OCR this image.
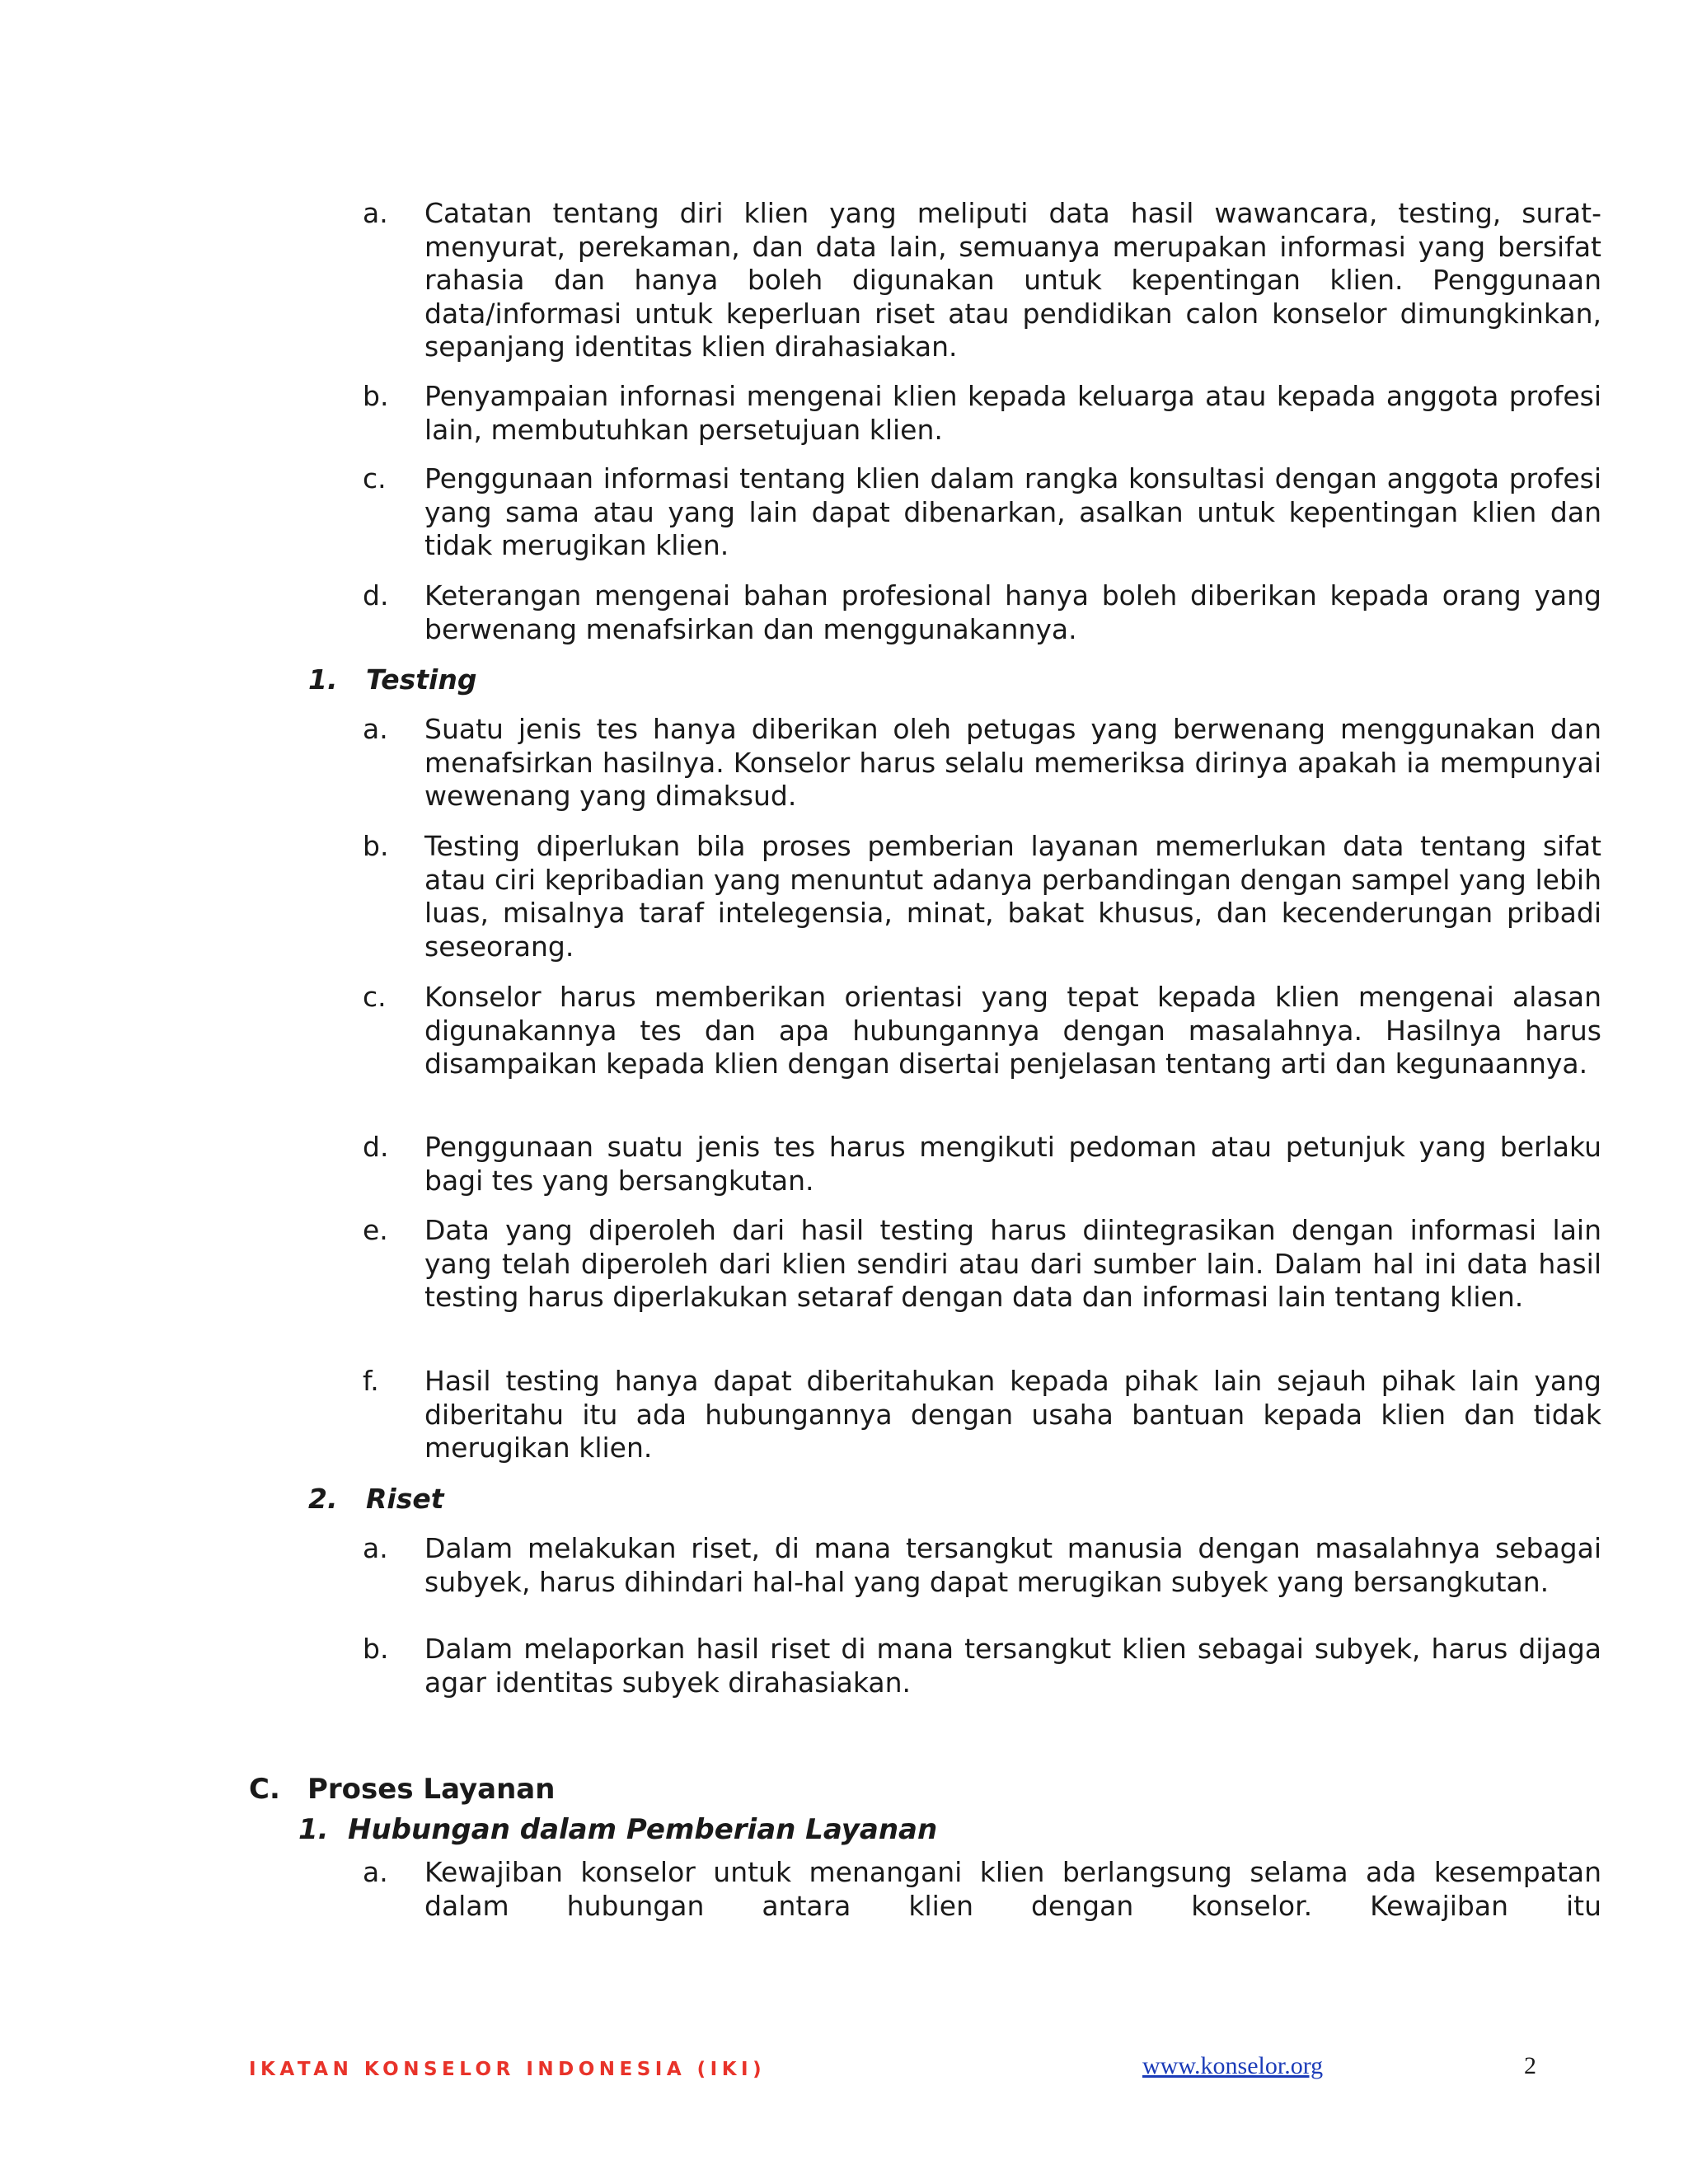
a.	Catatan tentang diri klien yang meliputi data hasil wawancara, testing, surat-menyurat, perekaman, dan data lain, semuanya merupakan informasi yang bersifat rahasia dan hanya boleh digunakan untuk kepentingan klien. Penggunaan data/informasi untuk keperluan riset atau pendidikan calon konselor dimungkinkan, sepanjang identitas klien dirahasiakan.
b.	Penyampaian infornasi mengenai klien kepada keluarga atau kepada anggota profesi lain, membutuhkan persetujuan klien.
c.	Penggunaan informasi tentang klien dalam rangka konsultasi dengan anggota profesi yang sama atau yang lain dapat dibenarkan, asalkan untuk kepentingan klien dan tidak merugikan klien.
d.	Keterangan mengenai bahan profesional hanya boleh diberikan kepada orang yang berwenang menafsirkan dan menggunakannya.
1. Testing
a.	Suatu jenis tes hanya diberikan oleh petugas yang berwenang menggunakan dan menafsirkan hasilnya. Konselor harus selalu memeriksa dirinya apakah ia mempunyai wewenang yang dimaksud.
b.	Testing diperlukan bila proses pemberian layanan memerlukan data tentang sifat atau ciri kepribadian yang menuntut adanya perbandingan dengan sampel yang lebih luas, misalnya taraf intelegensia, minat, bakat khusus, dan kecenderungan pribadi seseorang.
c.	Konselor harus memberikan orientasi yang tepat kepada klien mengenai alasan digunakannya tes dan apa hubungannya dengan masalahnya. Hasilnya harus disampaikan kepada klien dengan disertai penjelasan tentang arti dan kegunaannya.
d.	Penggunaan suatu jenis tes harus mengikuti pedoman atau petunjuk yang berlaku bagi tes yang bersangkutan.
e.	Data yang diperoleh dari hasil testing harus diintegrasikan dengan informasi lain yang telah diperoleh dari klien sendiri atau dari sumber lain. Dalam hal ini data hasil testing harus diperlakukan setaraf dengan data dan informasi lain tentang klien.
f.	Hasil testing hanya dapat diberitahukan kepada pihak lain sejauh pihak lain yang diberitahu itu ada hubungannya dengan usaha bantuan kepada klien dan tidak merugikan klien.
2. Riset
a.	Dalam melakukan riset, di mana tersangkut manusia dengan masalahnya sebagai subyek, harus dihindari hal-hal yang dapat merugikan subyek yang bersangkutan.
b.	Dalam melaporkan hasil riset di mana tersangkut klien sebagai subyek, harus dijaga agar identitas subyek dirahasiakan.
C. Proses Layanan
1. Hubungan dalam Pemberian Layanan
a.	Kewajiban konselor untuk menangani klien berlangsung selama ada kesempatan dalam hubungan antara klien dengan konselor. Kewajiban itu
IKATAN KONSELOR INDONESIA (IKI)	www.konselor.org	2
